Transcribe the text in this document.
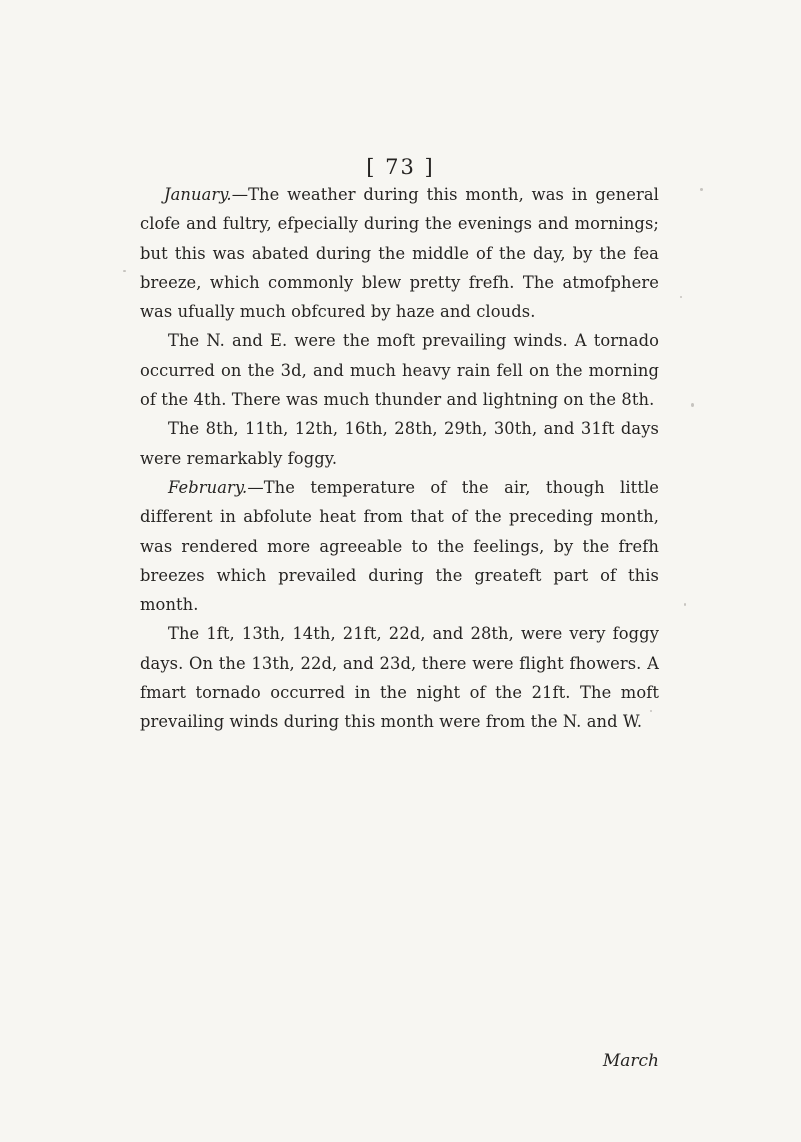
[ 73 ]

January.—The weather during this month, was in general clofe and fultry, efpecially during the evenings and mornings; but this was abated during the middle of the day, by the fea breeze, which commonly blew pretty frefh. The atmofphere was ufually much obfcured by haze and clouds.

The N. and E. were the moft prevailing winds. A tornado occurred on the 3d, and much heavy rain fell on the morning of the 4th. There was much thunder and lightning on the 8th.

The 8th, 11th, 12th, 16th, 28th, 29th, 30th, and 31ft days were remarkably foggy.

February.—The temperature of the air, though little different in abfolute heat from that of the preceding month, was rendered more agreeable to the feelings, by the frefh breezes which prevailed during the greateft part of this month.

The 1ft, 13th, 14th, 21ft, 22d, and 28th, were very foggy days. On the 13th, 22d, and 23d, there were flight fhowers. A fmart tornado occurred in the night of the 21ft. The moft prevailing winds during this month were from the N. and W.

March
